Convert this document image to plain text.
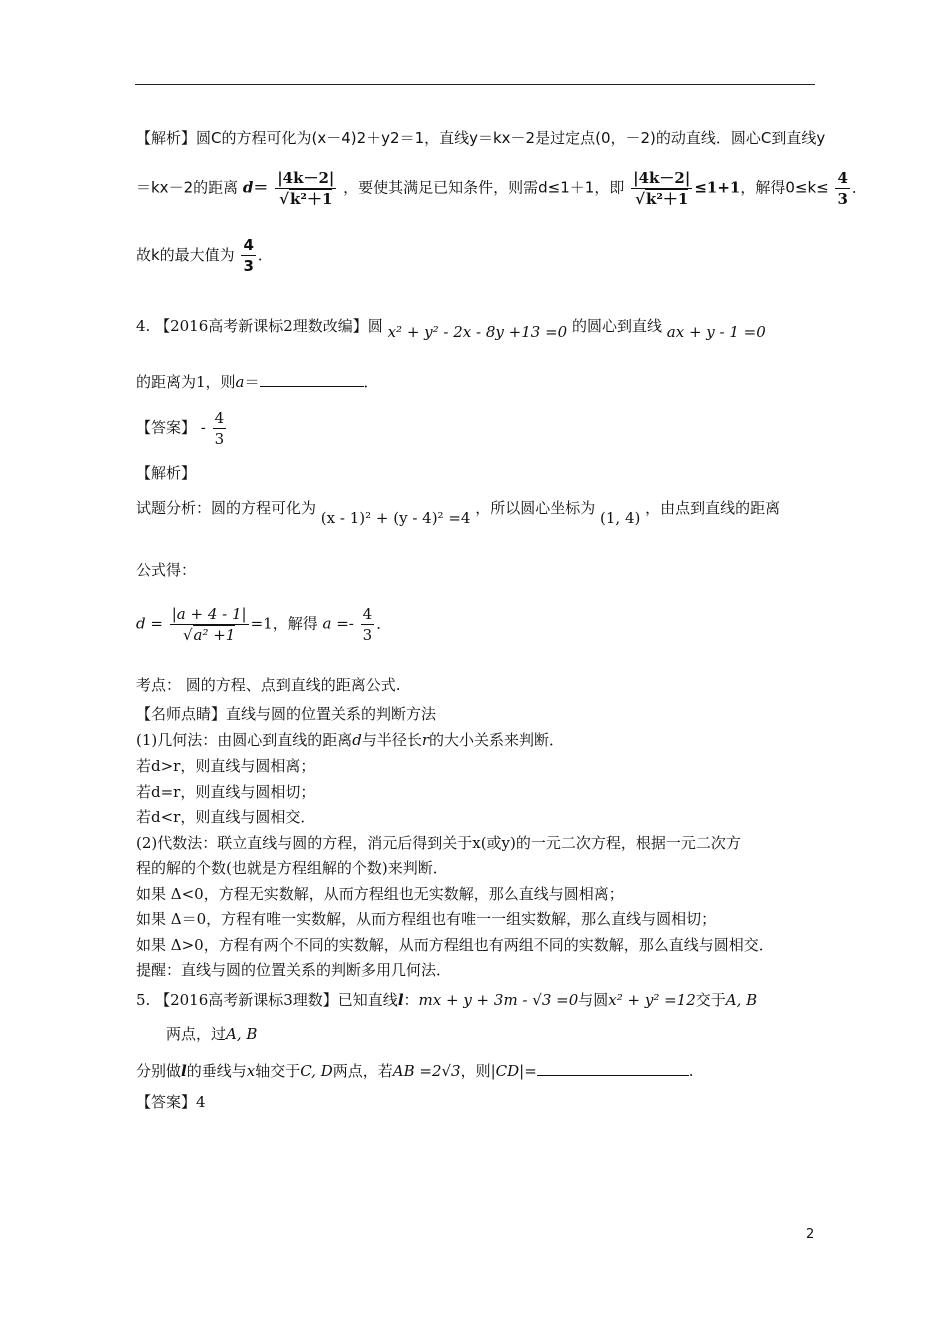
【解析】圆C的方程可化为(x－4)2＋y2＝1，直线y＝kx－2是过定点(0，－2)的动直线．圆心C到直线y
＝kx－2的距离 $d= \frac{|4k-2|}{\text{√k²＋1}}$ ，要使其满足已知条件，则需d≤1＋1，即 $\frac{|4k-2|}{\text{√k²＋1}} \le 1+1$，解得$0\le k\le \frac{4}{3}$ ．
故k的最大值为 $\frac{4}{3}$ ．
4. 【2016高考新课标2理数改编】圆 x² + y² - 2x - 8y +13 =0 的圆心到直线 ax + y - 1 =0
的距离为1，则a＝	．
【答案】 - $\frac{4}{3}$
【解析】
试题分析：圆的方程可化为 (x - 1)² + (y - 4)² =4 ，所以圆心坐标为 (1, 4) ，由点到直线的距离
公式得：
$d = \frac{|a + 4 - 1|}{\text{√a² +1}} =1$，解得 $a =- \frac{4}{3}$ ．
考点： 圆的方程、点到直线的距离公式.
【名师点睛】直线与圆的位置关系的判断方法
(1)几何法：由圆心到直线的距离d与半径长r的大小关系来判断．
若d>r，则直线与圆相离；
若d=r，则直线与圆相切；
若d<r，则直线与圆相交．
(2)代数法：联立直线与圆的方程，消元后得到关于x(或y)的一元二次方程，根据一元二次方
程的解的个数(也就是方程组解的个数)来判断．
如果 Δ<0，方程无实数解，从而方程组也无实数解，那么直线与圆相离；
如果 Δ＝0，方程有唯一实数解，从而方程组也有唯一一组实数解，那么直线与圆相切；
如果 Δ>0，方程有两个不同的实数解，从而方程组也有两组不同的实数解，那么直线与圆相交．
提醒：直线与圆的位置关系的判断多用几何法．
5. 【2016高考新课标3理数】已知直线l：mx + y + 3m - √3 =0与圆x² + y² =12交于A, B
两点，过A, B
分别做l的垂线与x轴交于C, D两点，若AB =2√3，则|CD|=	.
【答案】4
2
